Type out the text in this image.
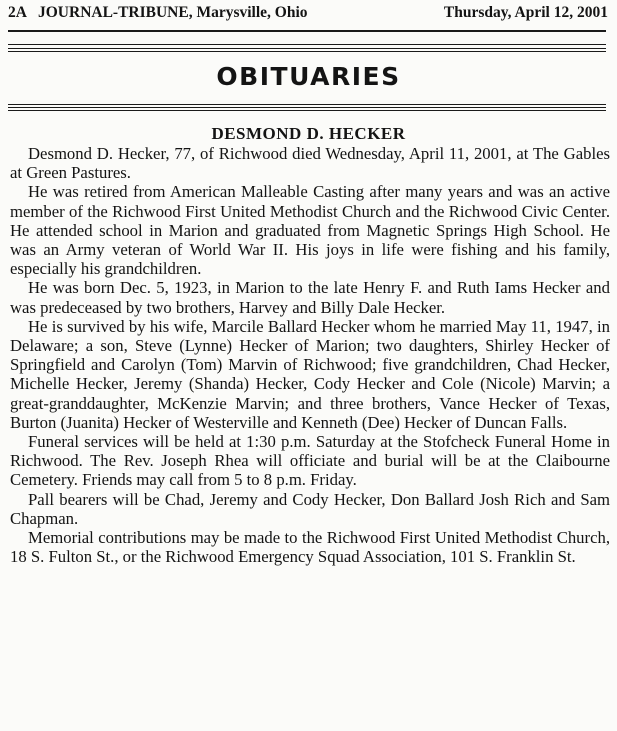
2A JOURNAL-TRIBUNE, Marysville, Ohio	Thursday, April 12, 2001
OBITUARIES
DESMOND D. HECKER

Desmond D. Hecker, 77, of Richwood died Wednesday, April 11, 2001, at The Gables at Green Pastures.

He was retired from American Malleable Casting after many years and was an active member of the Richwood First United Methodist Church and the Richwood Civic Center. He attended school in Marion and graduated from Magnetic Springs High School. He was an Army veteran of World War II. His joys in life were fishing and his family, especially his grandchildren.

He was born Dec. 5, 1923, in Marion to the late Henry F. and Ruth Iams Hecker and was predeceased by two brothers, Harvey and Billy Dale Hecker.

He is survived by his wife, Marcile Ballard Hecker whom he married May 11, 1947, in Delaware; a son, Steve (Lynne) Hecker of Marion; two daughters, Shirley Hecker of Springfield and Carolyn (Tom) Marvin of Richwood; five grandchildren, Chad Hecker, Michelle Hecker, Jeremy (Shanda) Hecker, Cody Hecker and Cole (Nicole) Marvin; a great-granddaughter, McKenzie Marvin; and three brothers, Vance Hecker of Texas, Burton (Juanita) Hecker of Westerville and Kenneth (Dee) Hecker of Duncan Falls.

Funeral services will be held at 1:30 p.m. Saturday at the Stofcheck Funeral Home in Richwood. The Rev. Joseph Rhea will officiate and burial will be at the Claibourne Cemetery. Friends may call from 5 to 8 p.m. Friday.

Pall bearers will be Chad, Jeremy and Cody Hecker, Don Ballard Josh Rich and Sam Chapman.

Memorial contributions may be made to the Richwood First United Methodist Church, 18 S. Fulton St., or the Richwood Emergency Squad Association, 101 S. Franklin St.
